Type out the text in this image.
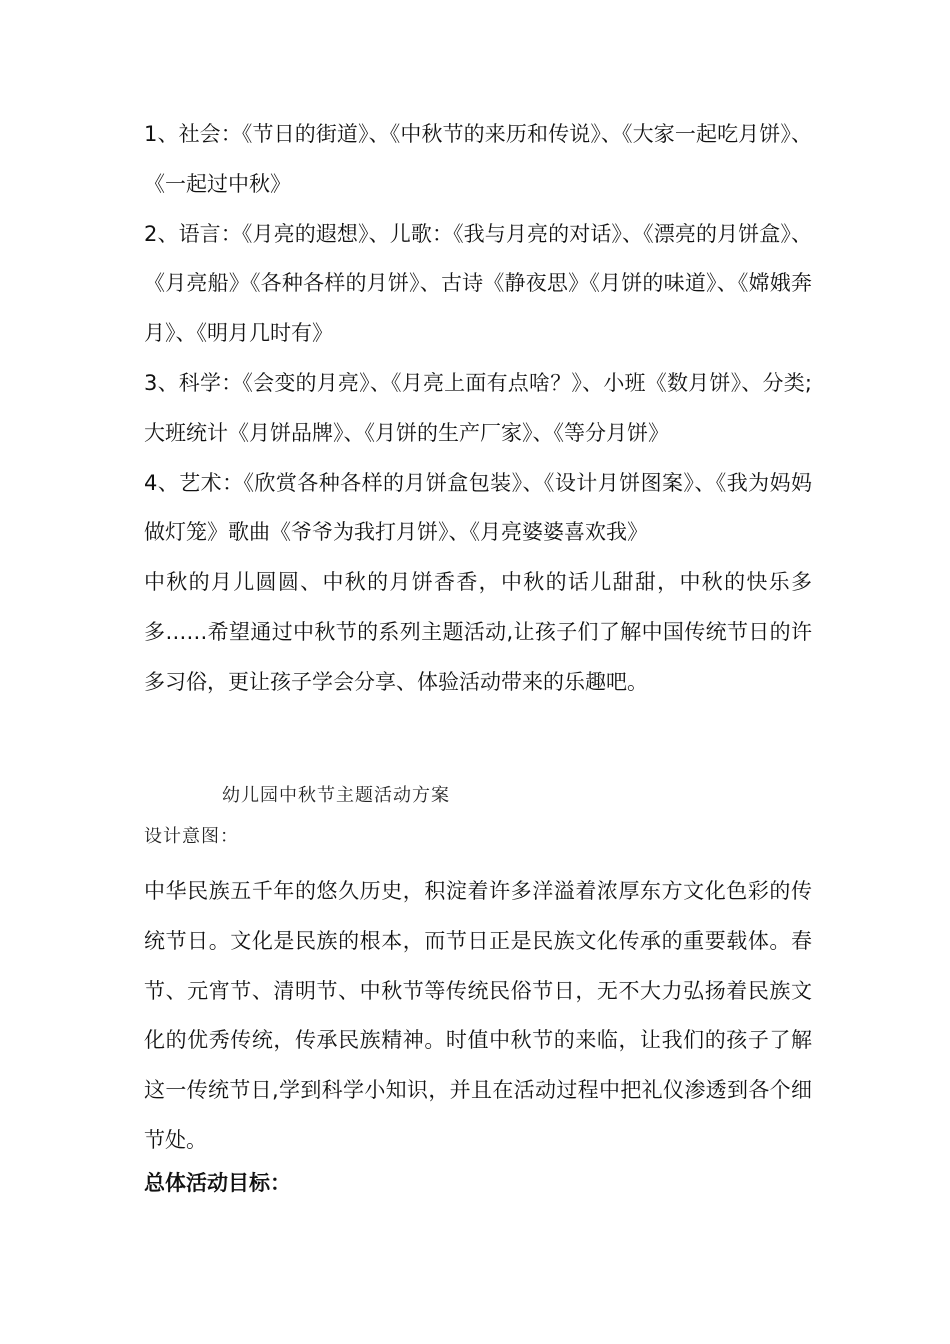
1、社会：《节日的街道》、《中秋节的来历和传说》、《大家一起吃月饼》、《一起过中秋》

2、语言：《月亮的遐想》、儿歌：《我与月亮的对话》、《漂亮的月饼盒》、《月亮船》《各种各样的月饼》、古诗《静夜思》《月饼的味道》、《嫦娥奔月》、《明月几时有》

3、科学：《会变的月亮》、《月亮上面有点啥？》、小班《数月饼》、分类;大班统计《月饼品牌》、《月饼的生产厂家》、《等分月饼》

4、艺术：《欣赏各种各样的月饼盒包装》、《设计月饼图案》、《我为妈妈做灯笼》歌曲《爷爷为我打月饼》、《月亮婆婆喜欢我》

中秋的月儿圆圆、中秋的月饼香香，中秋的话儿甜甜，中秋的快乐多多……希望通过中秋节的系列主题活动,让孩子们了解中国传统节日的许多习俗，更让孩子学会分享、体验活动带来的乐趣吧。

幼儿园中秋节主题活动方案

设计意图：

中华民族五千年的悠久历史，积淀着许多洋溢着浓厚东方文化色彩的传统节日。文化是民族的根本，而节日正是民族文化传承的重要载体。春节、元宵节、清明节、中秋节等传统民俗节日，无不大力弘扬着民族文化的优秀传统，传承民族精神。时值中秋节的来临，让我们的孩子了解这一传统节日,学到科学小知识，并且在活动过程中把礼仪渗透到各个细节处。

总体活动目标：
